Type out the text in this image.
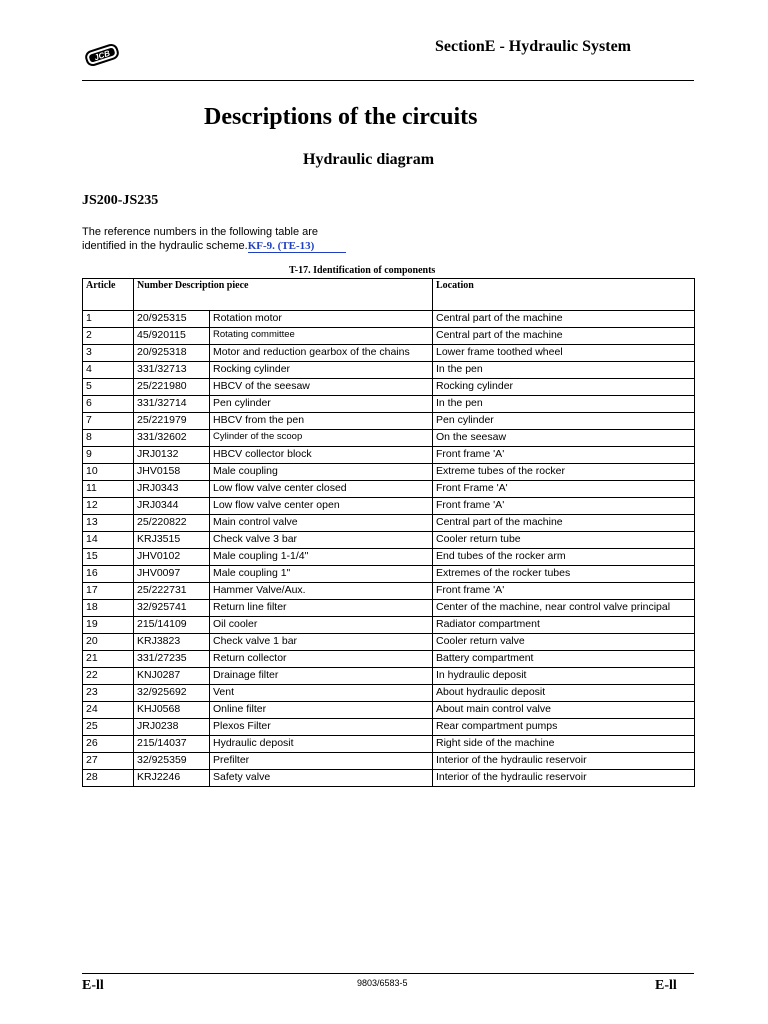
JCB
SectionE - Hydraulic System
Descriptions of the circuits
Hydraulic diagram
JS200-JS235
The reference numbers in the following table are
identified in the hydraulic scheme.KF-9. (TE-13)
T-17. Identification of components
Article	Number Description piece		Location
1	20/925315	Rotation motor	Central part of the machine
2	45/920115	Rotating committee	Central part of the machine
3	20/925318	Motor and reduction gearbox of the chains	Lower frame toothed wheel
4	331/32713	Rocking cylinder	In the pen
5	25/221980	HBCV of the seesaw	Rocking cylinder
6	331/32714	Pen cylinder	In the pen
7	25/221979	HBCV from the pen	Pen cylinder
8	331/32602	Cylinder of the scoop	On the seesaw
9	JRJ0132	HBCV collector block	Front frame 'A'
10	JHV0158	Male coupling	Extreme tubes of the rocker
11	JRJ0343	Low flow valve center closed	Front Frame 'A'
12	JRJ0344	Low flow valve center open	Front frame 'A'
13	25/220822	Main control valve	Central part of the machine
14	KRJ3515	Check valve 3 bar	Cooler return tube
15	JHV0102	Male coupling 1-1/4"	End tubes of the rocker arm
16	JHV0097	Male coupling 1"	Extremes of the rocker tubes
17	25/222731	Hammer Valve/Aux.	Front frame 'A'
18	32/925741	Return line filter	Center of the machine, near control valve principal
19	215/14109	Oil cooler	Radiator compartment
20	KRJ3823	Check valve 1 bar	Cooler return valve
21	331/27235	Return collector	Battery compartment
22	KNJ0287	Drainage filter	In hydraulic deposit
23	32/925692	Vent	About hydraulic deposit
24	KHJ0568	Online filter	About main control valve
25	JRJ0238	Plexos Filter	Rear compartment pumps
26	215/14037	Hydraulic deposit	Right side of the machine
27	32/925359	Prefilter	Interior of the hydraulic reservoir
28	KRJ2246	Safety valve	Interior of the hydraulic reservoir
E-ll	9803/6583-5	E-ll
